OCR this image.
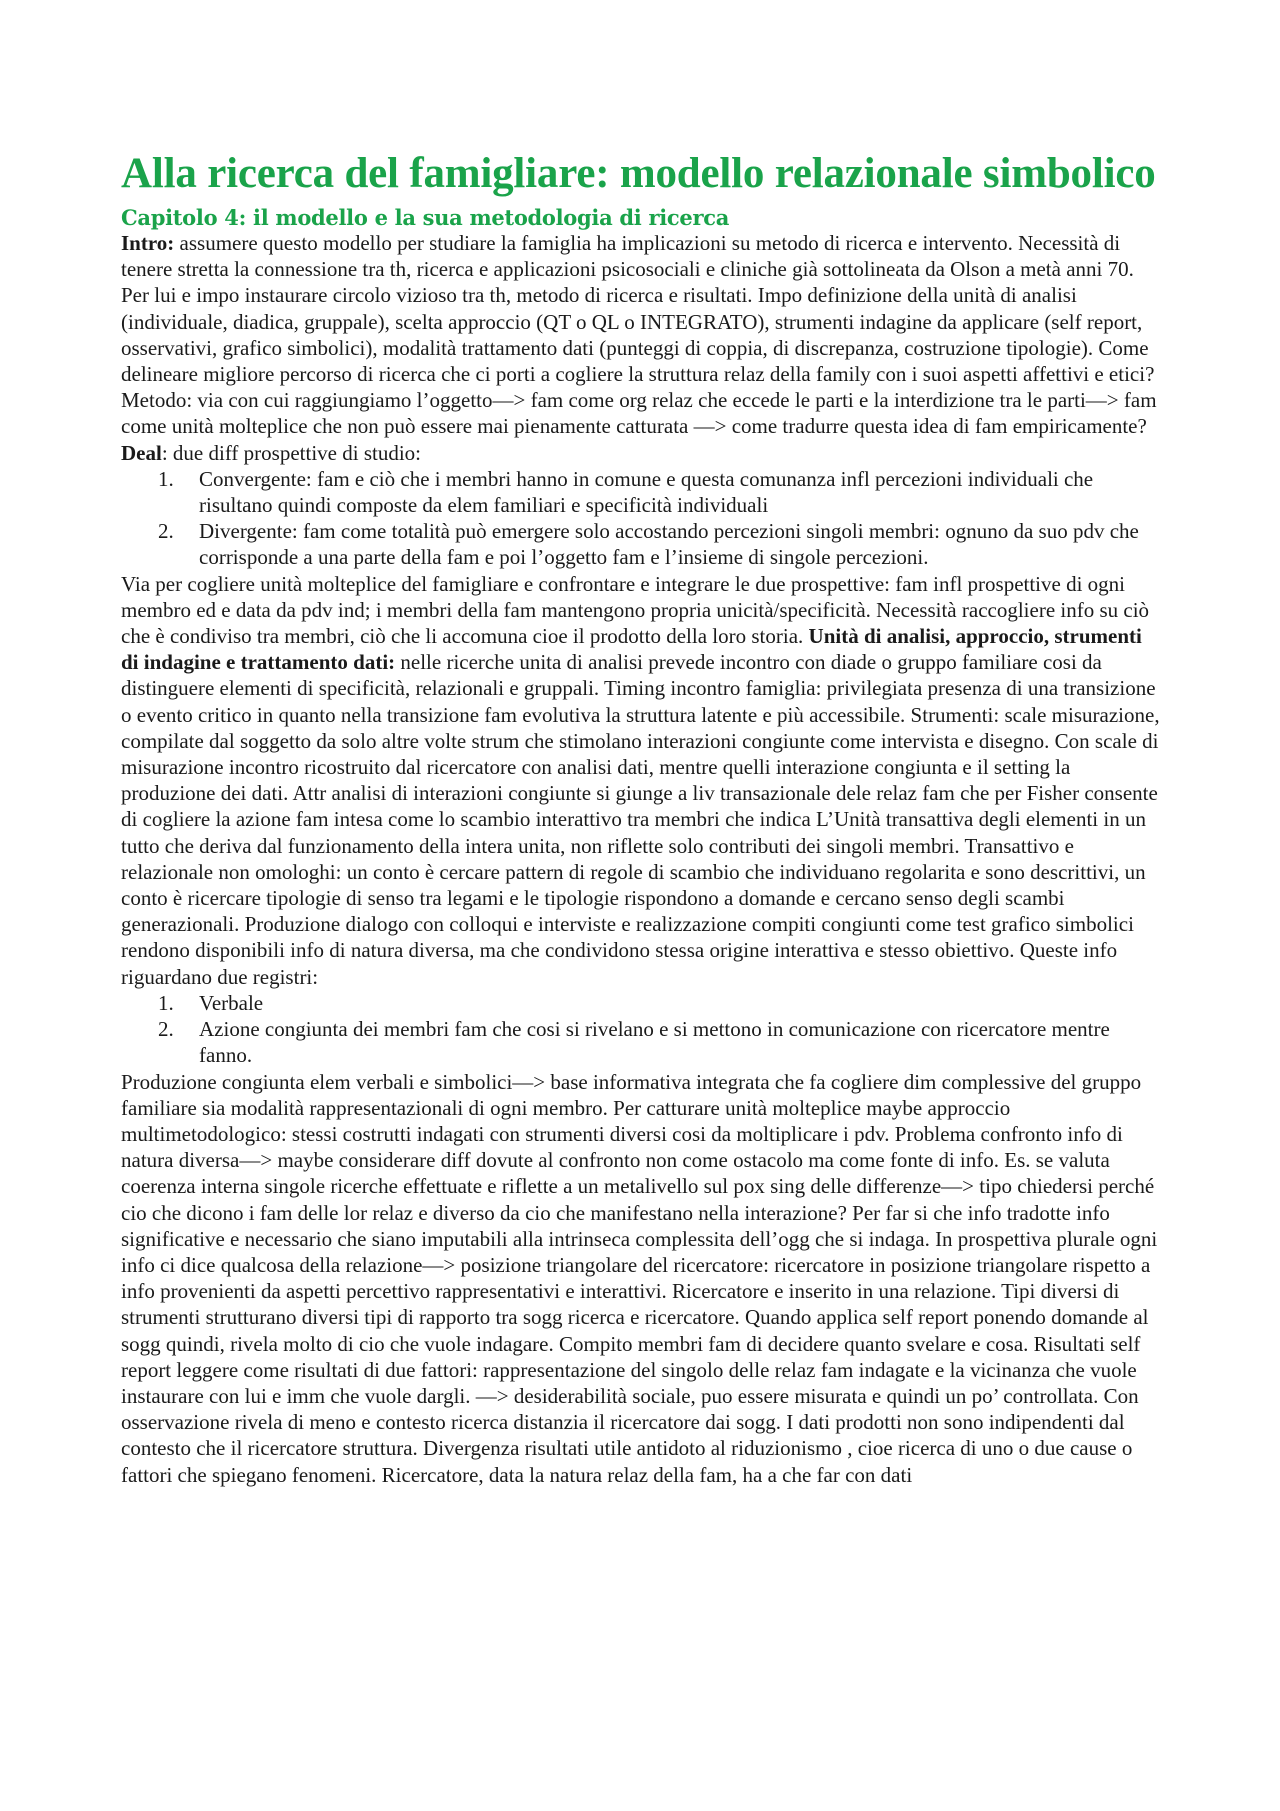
Alla ricerca del famigliare: modello relazionale simbolico
Capitolo 4: il modello e la sua metodologia di ricerca

Intro: assumere questo modello per studiare la famiglia ha implicazioni su metodo di ricerca e intervento. Necessità di tenere stretta la connessione tra th, ricerca e applicazioni psicosociali e cliniche già sottolineata da Olson a metà anni 70. Per lui e impo instaurare circolo vizioso tra th, metodo di ricerca e risultati. Impo definizione della unità di analisi (individuale, diadica, gruppale), scelta approccio (QT o QL o INTEGRATO), strumenti indagine da applicare (self report, osservativi, grafico simbolici), modalità trattamento dati (punteggi di coppia, di discrepanza, costruzione tipologie). Come delineare migliore percorso di ricerca che ci porti a cogliere la struttura relaz della family con i suoi aspetti affettivi e etici? Metodo: via con cui raggiungiamo l’oggetto—> fam come org relaz che eccede le parti e la interdizione tra le parti—> fam come unità molteplice che non può essere mai pienamente catturata —> come tradurre questa idea di fam empiricamente? Deal: due diff prospettive di studio:

1. Convergente: fam e ciò che i membri hanno in comune e questa comunanza infl percezioni individuali che risultano quindi composte da elem familiari e specificità individuali
2. Divergente: fam come totalità può emergere solo accostando percezioni singoli membri: ognuno da suo pdv che corrisponde a una parte della fam e poi l’oggetto fam e l’insieme di singole percezioni.

Via per cogliere unità molteplice del famigliare e confrontare e integrare le due prospettive: fam infl prospettive di ogni membro ed e data da pdv ind; i membri della fam mantengono propria unicità/specificità. Necessità raccogliere info su ciò che è condiviso tra membri, ciò che li accomuna cioe il prodotto della loro storia. Unità di analisi, approccio, strumenti di indagine e trattamento dati: nelle ricerche unita di analisi prevede incontro con diade o gruppo familiare cosi da distinguere elementi di specificità, relazionali e gruppali. Timing incontro famiglia: privilegiata presenza di una transizione o evento critico in quanto nella transizione fam evolutiva la struttura latente e più accessibile. Strumenti: scale misurazione, compilate dal soggetto da solo altre volte strum che stimolano interazioni congiunte come intervista e disegno. Con scale di misurazione incontro ricostruito dal ricercatore con analisi dati, mentre quelli interazione congiunta e il setting la produzione dei dati. Attr analisi di interazioni congiunte si giunge a liv transazionale dele relaz fam che per Fisher consente di cogliere la azione fam intesa come lo scambio interattivo tra membri che indica L’Unità transattiva degli elementi in un tutto che deriva dal funzionamento della intera unita, non riflette solo contributi dei singoli membri. Transattivo e relazionale non omologhi: un conto è cercare pattern di regole di scambio che individuano regolarita e sono descrittivi, un conto è ricercare tipologie di senso tra legami e le tipologie rispondono a domande e cercano senso degli scambi generazionali. Produzione dialogo con colloqui e interviste e realizzazione compiti congiunti come test grafico simbolici rendono disponibili info di natura diversa, ma che condividono stessa origine interattiva e stesso obiettivo. Queste info riguardano due registri:

1. Verbale
2. Azione congiunta dei membri fam che cosi si rivelano e si mettono in comunicazione con ricercatore mentre fanno.

Produzione congiunta elem verbali e simbolici—> base informativa integrata che fa cogliere dim complessive del gruppo familiare sia modalità rappresentazionali di ogni membro. Per catturare unità molteplice maybe approccio multimetodologico: stessi costrutti indagati con strumenti diversi cosi da moltiplicare i pdv. Problema confronto info di natura diversa—> maybe considerare diff dovute al confronto non come ostacolo ma come fonte di info. Es. se valuta coerenza interna singole ricerche effettuate e riflette a un metalivello sul pox sing delle differenze—> tipo chiedersi perché cio che dicono i fam delle lor relaz e diverso da cio che manifestano nella interazione? Per far si che info tradotte info significative e necessario che siano imputabili alla intrinseca complessita dell’ogg che si indaga. In prospettiva plurale ogni info ci dice qualcosa della relazione—> posizione triangolare del ricercatore: ricercatore in posizione triangolare rispetto a info provenienti da aspetti percettivo rappresentativi e interattivi. Ricercatore e inserito in una relazione. Tipi diversi di strumenti strutturano diversi tipi di rapporto tra sogg ricerca e ricercatore. Quando applica self report ponendo domande al sogg quindi, rivela molto di cio che vuole indagare. Compito membri fam di decidere quanto svelare e cosa. Risultati self report leggere come risultati di due fattori: rappresentazione del singolo delle relaz fam indagate e la vicinanza che vuole instaurare con lui e imm che vuole dargli. —> desiderabilità sociale, puo essere misurata e quindi un po’ controllata. Con osservazione rivela di meno e contesto ricerca distanzia il ricercatore dai sogg. I dati prodotti non sono indipendenti dal contesto che il ricercatore struttura. Divergenza risultati utile antidoto al riduzionismo , cioe ricerca di uno o due cause o fattori che spiegano fenomeni. Ricercatore, data la natura relaz della fam, ha a che far con dati
